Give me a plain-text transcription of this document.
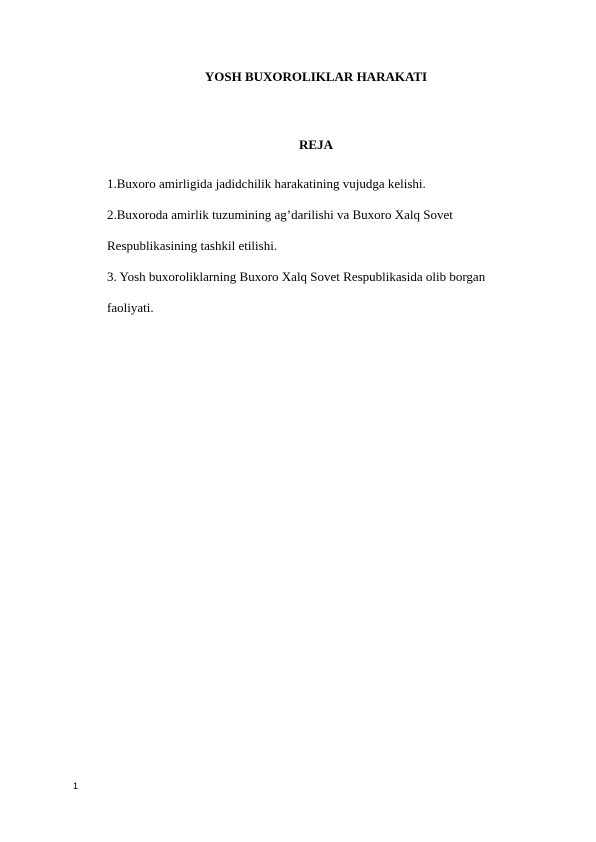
YOSH BUXOROLIKLAR HARAKATI
REJA
1.Buxoro amirligida jadidchilik harakatining vujudga kelishi.
2.Buxoroda amirlik tuzumining ag’darilishi va Buxoro Xalq Sovet
Respublikasining tashkil etilishi.
3. Yosh buxoroliklarning Buxoro Xalq Sovet Respublikasida olib borgan
faoliyati.
1
